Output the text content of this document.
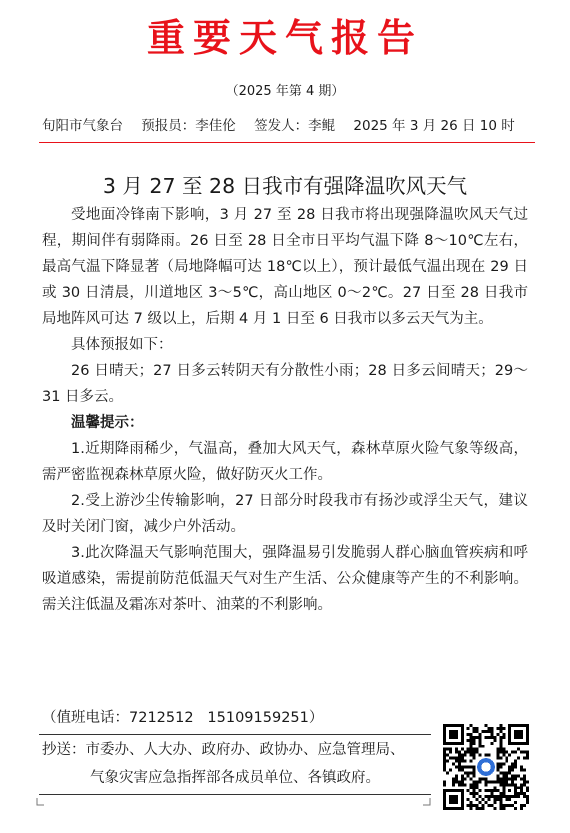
重要天气报告
（2025 年第 4 期）
旬阳市气象台 预报员：李佳伦 签发人：李鲲 2025 年 3 月 26 日 10 时
3 月 27 至 28 日我市有强降温吹风天气

受地面冷锋南下影响，3 月 27 至 28 日我市将出现强降温吹风天气过程，期间伴有弱降雨。26 日至 28 日全市日平均气温下降 8～10℃左右，最高气温下降显著（局地降幅可达 18℃以上），预计最低气温出现在 29 日或 30 日清晨，川道地区 3～5℃，高山地区 0～2℃。27 日至 28 日我市局地阵风可达 7 级以上，后期 4 月 1 日至 6 日我市以多云天气为主。

具体预报如下：

26 日晴天；27 日多云转阴天有分散性小雨；28 日多云间晴天；29～31 日多云。

温馨提示：

1.近期降雨稀少，气温高，叠加大风天气，森林草原火险气象等级高，需严密监视森林草原火险，做好防灭火工作。

2.受上游沙尘传输影响，27 日部分时段我市有扬沙或浮尘天气，建议及时关闭门窗，减少户外活动。

3.此次降温天气影响范围大，强降温易引发脆弱人群心脑血管疾病和呼吸道感染，需提前防范低温天气对生产生活、公众健康等产生的不利影响。需关注低温及霜冻对茶叶、油菜的不利影响。

（值班电话：7212512   15109159251）
抄送：市委办、人大办、政府办、政协办、应急管理局、
气象灾害应急指挥部各成员单位、各镇政府。
